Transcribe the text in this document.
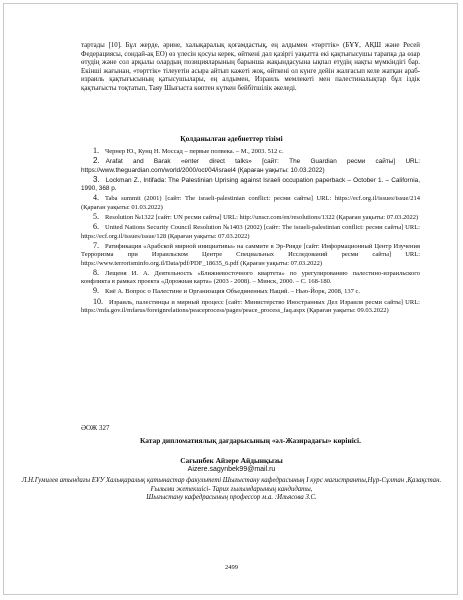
тартады [10]. Бұл жерде, әрине, халықаралық қоғамдастық, ең алдымен «төрттік» (БҰҰ, АҚШ және Ресей Федерациясы, сондай-ақ ЕО) өз үлесін қосуы керек, өйткені дәл қазіргі уақытта екі қақтығысушы тарапқа да өзар өтудің және сол арқылы олардың позицияларының барынша жақындасуына ықпал етудің нақты мүмкіндігі бар. Екінші жағынан, «төрттік» тілеуетін асыра айтып кажеті жоқ, өйткені ол күнге дейін жалғасып келе жатқан араб-израиль қақтығысының қатысушылары, ең алдымен, Израиль мемлекеті мен палестиналықтар бұл іздік қақтығысты тоқтатып, Таяу Шығыста көптен күткен бейбітшілік әкеледі.

Қолданылған әдебиеттер тізімі

1. Чернер Ю., Кунц Н. Моссад – первые полвека. – М., 2003. 512 с.

2. Arafat and Barak «enter direct talks» [сайт: The Guardian ресми сайты] URL: https://www.theguardian.com/world/2000/oct/04/israel4 (Қараған уақыты: 10.03.2022)

3. Lockman Z., Intifada: The Palestinian Uprising against Israeli occupation paperback – October 1. – California, 1990, 368 p.

4. Taba summit (2001) [сайт: The israeli-palestinian conflict: ресми сайты] URL: https://ecf.org.il/issues/issue/214 (Қараған уақыты: 01.03.2022)

5. Resolution №1322 [сайт: UN ресми сайты] URL: http://unscr.com/en/resolutions/1322 (Қараған уақыты: 07.03.2022)

6. United Nations Security Council Resolution №1403 (2002) [сайт: The israeli-palestinian conflict: ресми сайты] URL: https://ecf.org.il/issues/issue/128 (Қараған уақыты: 07.03.2022)

7. Ратификация «Арабской мирной инициативы» на саммите в Эр-Рияде [сайт: Информационный Центр Изучения Терроризма при Израильском Центре Специальных Исследований ресми сайты] URL: https://www.terrorisminfo.org.il/Data/pdf/PDF_18635_6.pdf (Қараған уақыты: 07.03.2022)

8. Лещеня И. А. Деятельность «Ближневосточного квартета» по урегулированию палестино-израильского конфликта в рамках проекта «Дорожная карта» (2003 - 2008). – Минск, 2000. – С. 168-180.

9. Киё А. Вопрос о Палестине и Организация Объединенных Наций. – Нью-Йорк, 2008, 137 с.

10. Израиль, палестинцы и мирный процесс [сайт: Министерство Иностранных Дел Израиля ресми сайты] URL: https://mfa.gov.il/mfarus/foreignrelations/peaceprocess/pages/peace_process_faq.aspx (Қараған уақыты: 09.03.2022)

ӘОЖ 327
Катар дипломатиялық дағдарысының «әл-Жазирадағы» көрінісі.
Сағынбек Айзере Айдынқызы
Aizere.sagynbek99@mail.ru
Л.Н.Гумилев атындағы ЕҰУ Халықаралық қатынастар факультеті Шығыстану кафедрасының I курс магистранты,Нұр-Сұлтан ,Қазақстан.
Ғылыми жетекшісі- Тарих ғылымдарының кандидаты,
Шығыстану кафедрасының профессор м.а. :Ильясова З.С.
2499
